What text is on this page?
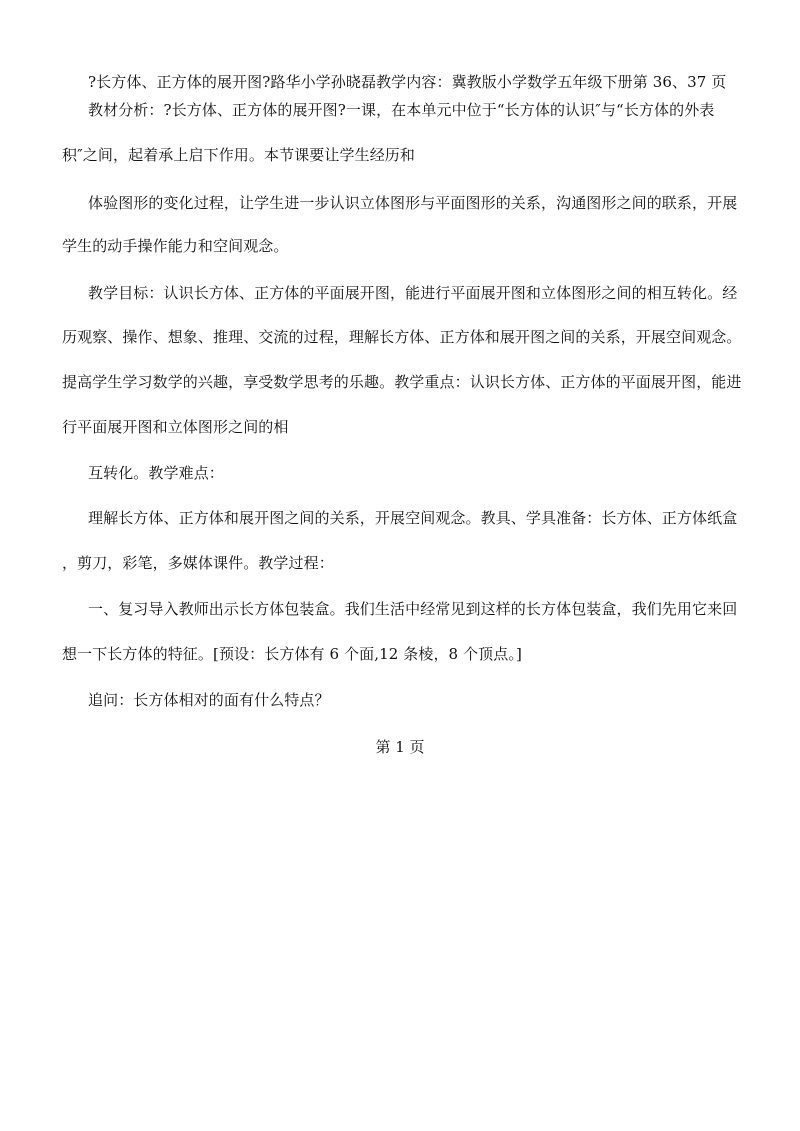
?长方体、正方体的展开图?路华小学孙晓磊教学内容：冀教版小学数学五年级下册第 36、37 页
教材分析：?长方体、正方体的展开图?一课，在本单元中位于“长方体的认识″与“长方体的外表
积″之间，起着承上启下作用。本节课要让学生经历和
体验图形的变化过程，让学生进一步认识立体图形与平面图形的关系，沟通图形之间的联系，开展
学生的动手操作能力和空间观念。
教学目标：认识长方体、正方体的平面展开图，能进行平面展开图和立体图形之间的相互转化。经
历观察、操作、想象、推理、交流的过程，理解长方体、正方体和展开图之间的关系，开展空间观念。
提高学生学习数学的兴趣，享受数学思考的乐趣。教学重点：认识长方体、正方体的平面展开图，能进
行平面展开图和立体图形之间的相
互转化。教学难点：
理解长方体、正方体和展开图之间的关系，开展空间观念。教具、学具准备：长方体、正方体纸盒
，剪刀，彩笔，多媒体课件。教学过程：
一、复习导入教师出示长方体包装盒。我们生活中经常见到这样的长方体包装盒，我们先用它来回
想一下长方体的特征。[预设：长方体有 6 个面,12 条棱，8 个顶点。]
追问：长方体相对的面有什么特点？
第 1 页
